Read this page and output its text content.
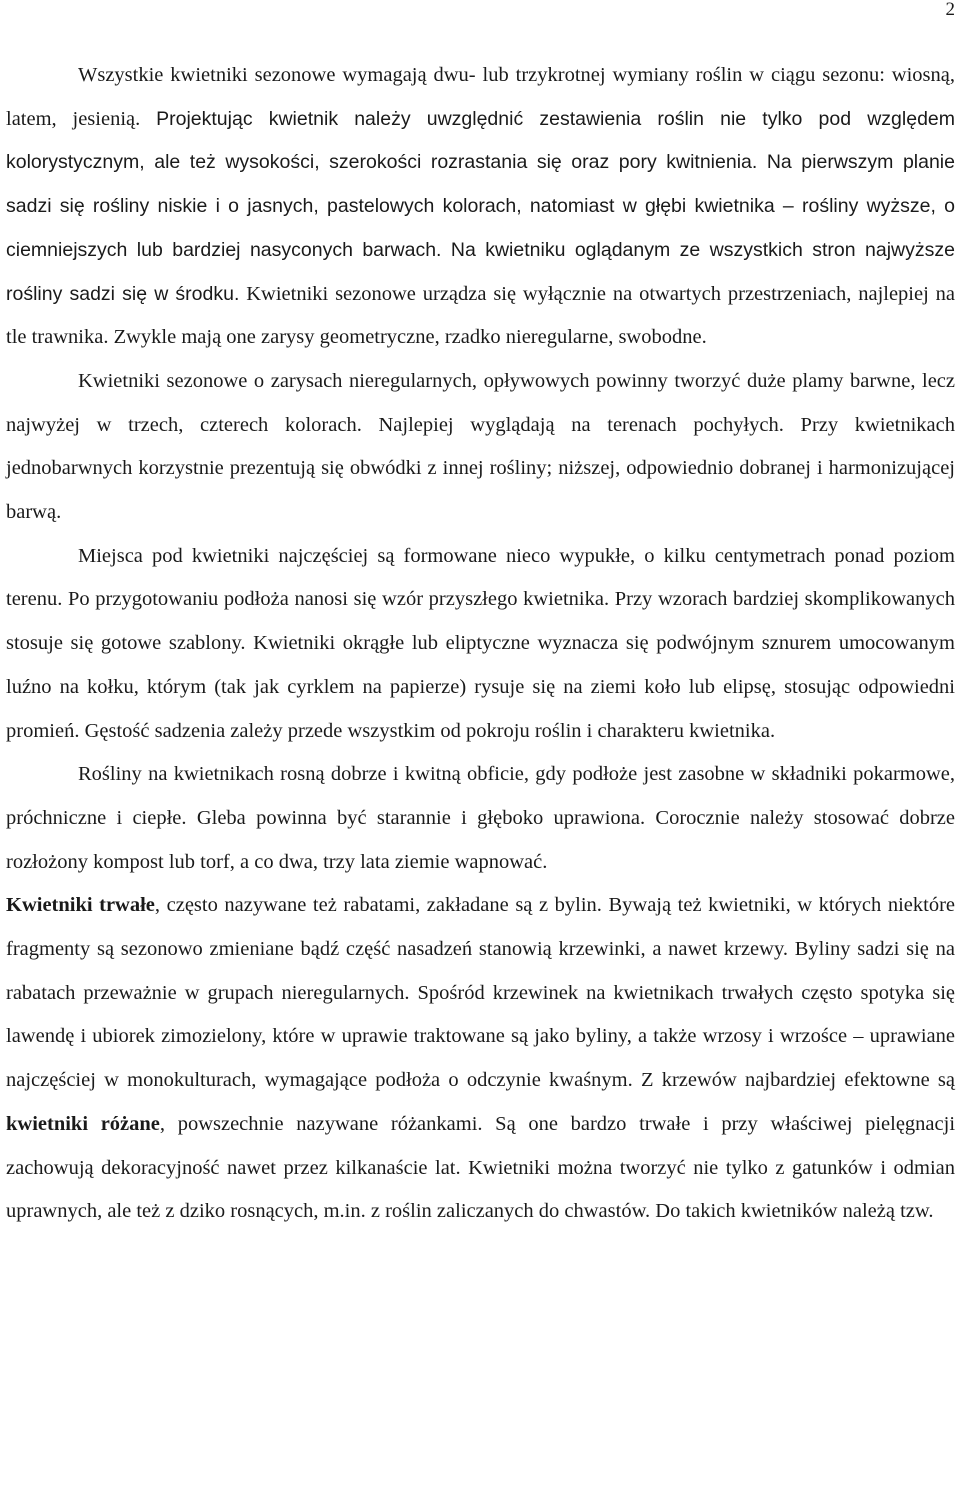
2

Wszystkie kwietniki sezonowe wymagają dwu- lub trzykrotnej wymiany roślin w ciągu sezonu: wiosną, latem, jesienią. Projektując kwietnik należy uwzględnić zestawienia roślin nie tylko pod względem kolorystycznym, ale też wysokości, szerokości rozrastania się oraz pory kwitnienia. Na pierwszym planie sadzi się rośliny niskie i o jasnych, pastelowych kolorach, natomiast w głębi kwietnika – rośliny wyższe, o ciemniejszych lub bardziej nasyconych barwach. Na kwietniku oglądanym ze wszystkich stron najwyższe rośliny sadzi się w środku. Kwietniki sezonowe urządza się wyłącznie na otwartych przestrzeniach, najlepiej na tle trawnika. Zwykle mają one zarysy geometryczne, rzadko nieregularne, swobodne.

Kwietniki sezonowe o zarysach nieregularnych, opływowych powinny tworzyć duże plamy barwne, lecz najwyżej w trzech, czterech kolorach. Najlepiej wyglądają na terenach pochyłych. Przy kwietnikach jednobarwnych korzystnie prezentują się obwódki z innej rośliny; niższej, odpowiednio dobranej i harmonizującej barwą.

Miejsca pod kwietniki najczęściej są formowane nieco wypukłe, o kilku centymetrach ponad poziom terenu. Po przygotowaniu podłoża nanosi się wzór przyszłego kwietnika. Przy wzorach bardziej skomplikowanych stosuje się gotowe szablony. Kwietniki okrągłe lub eliptyczne wyznacza się podwójnym sznurem umocowanym luźno na kołku, którym (tak jak cyrklem na papierze) rysuje się na ziemi koło lub elipsę, stosując odpowiedni promień. Gęstość sadzenia zależy przede wszystkim od pokroju roślin i charakteru kwietnika.

Rośliny na kwietnikach rosną dobrze i kwitną obficie, gdy podłoże jest zasobne w składniki pokarmowe, próchniczne i ciepłe. Gleba powinna być starannie i głęboko uprawiona. Corocznie należy stosować dobrze rozłożony kompost lub torf, a co dwa, trzy lata ziemie wapnować.

Kwietniki trwałe, często nazywane też rabatami, zakładane są z bylin. Bywają też kwietniki, w których niektóre fragmenty są sezonowo zmieniane bądź część nasadzeń stanowią krzewinki, a nawet krzewy. Byliny sadzi się na rabatach przeważnie w grupach nieregularnych. Spośród krzewinek na kwietnikach trwałych często spotyka się lawendę i ubiorek zimozielony, które w uprawie traktowane są jako byliny, a także wrzosy i wrzośce – uprawiane najczęściej w monokulturach, wymagające podłoża o odczynie kwaśnym. Z krzewów najbardziej efektowne są kwietniki różane, powszechnie nazywane różankami. Są one bardzo trwałe i przy właściwej pielęgnacji zachowują dekoracyjność nawet przez kilkanaście lat. Kwietniki można tworzyć nie tylko z gatunków i odmian uprawnych, ale też z dziko rosnących, m.in. z roślin zaliczanych do chwastów. Do takich kwietników należą tzw.
